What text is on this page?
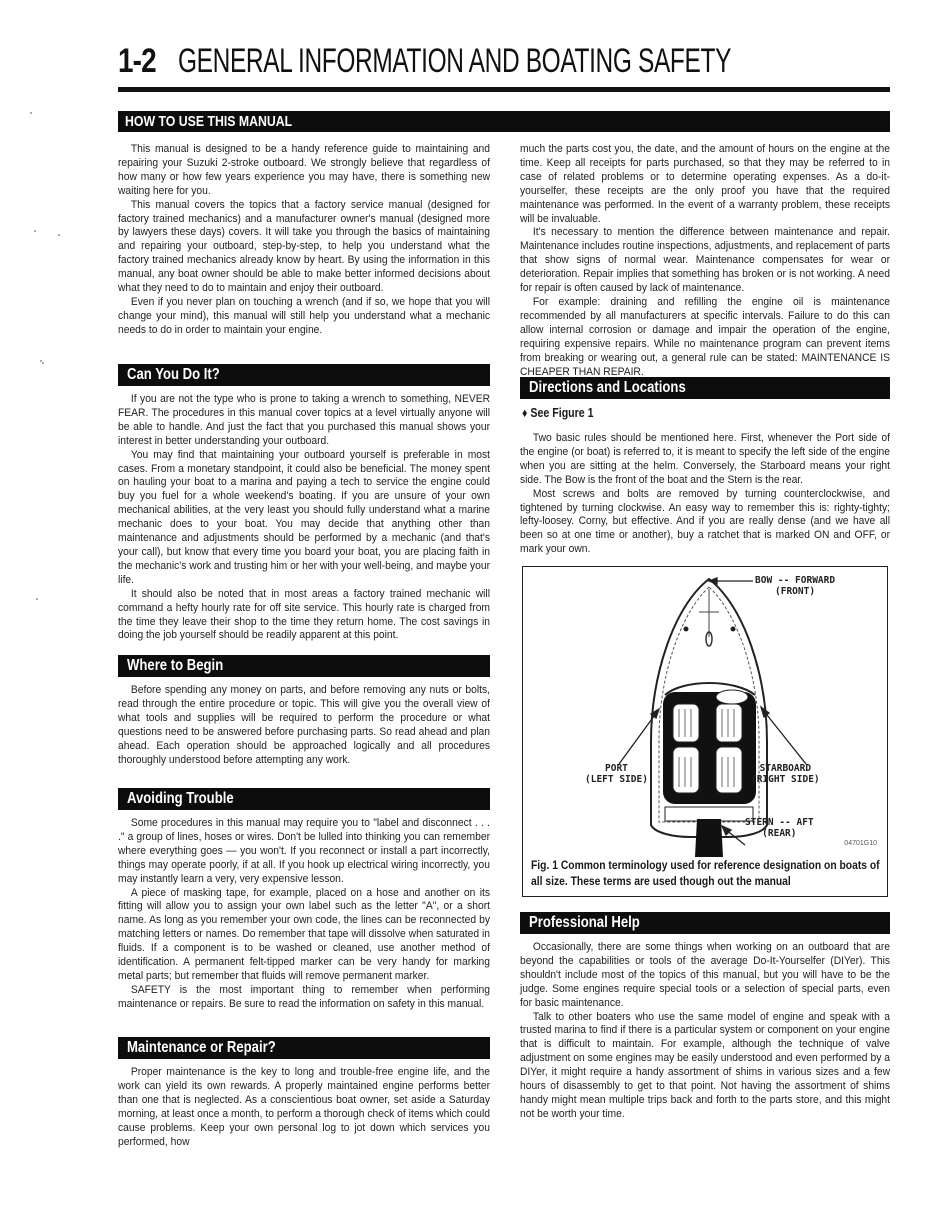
1-2 GENERAL INFORMATION AND BOATING SAFETY
HOW TO USE THIS MANUAL

This manual is designed to be a handy reference guide to maintaining and repairing your Suzuki 2-stroke outboard. We strongly believe that regardless of how many or how few years experience you may have, there is something new waiting here for you.

This manual covers the topics that a factory service manual (designed for factory trained mechanics) and a manufacturer owner's manual (designed more by lawyers these days) covers. It will take you through the basics of maintaining and repairing your outboard, step-by-step, to help you understand what the factory trained mechanics already know by heart. By using the information in this manual, any boat owner should be able to make better informed decisions about what they need to do to maintain and enjoy their outboard.

Even if you never plan on touching a wrench (and if so, we hope that you will change your mind), this manual will still help you understand what a mechanic needs to do in order to maintain your engine.

Can You Do It?

If you are not the type who is prone to taking a wrench to something, NEVER FEAR. The procedures in this manual cover topics at a level virtually anyone will be able to handle. And just the fact that you purchased this manual shows your interest in better understanding your outboard.

You may find that maintaining your outboard yourself is preferable in most cases. From a monetary standpoint, it could also be beneficial. The money spent on hauling your boat to a marina and paying a tech to service the engine could buy you fuel for a whole weekend's boating. If you are unsure of your own mechanical abilities, at the very least you should fully understand what a marine mechanic does to your boat. You may decide that anything other than maintenance and adjustments should be performed by a mechanic (and that's your call), but know that every time you board your boat, you are placing faith in the mechanic's work and trusting him or her with your well-being, and maybe your life.

It should also be noted that in most areas a factory trained mechanic will command a hefty hourly rate for off site service. This hourly rate is charged from the time they leave their shop to the time they return home. The cost savings in doing the job yourself should be readily apparent at this point.

Where to Begin

Before spending any money on parts, and before removing any nuts or bolts, read through the entire procedure or topic. This will give you the overall view of what tools and supplies will be required to perform the procedure or what questions need to be answered before purchasing parts. So read ahead and plan ahead. Each operation should be approached logically and all procedures thoroughly understood before attempting any work.

Avoiding Trouble

Some procedures in this manual may require you to "label and disconnect . . . ." a group of lines, hoses or wires. Don't be lulled into thinking you can remember where everything goes — you won't. If you reconnect or install a part incorrectly, things may operate poorly, if at all. If you hook up electrical wiring incorrectly, you may instantly learn a very, very expensive lesson.

A piece of masking tape, for example, placed on a hose and another on its fitting will allow you to assign your own label such as the letter "A", or a short name. As long as you remember your own code, the lines can be reconnected by matching letters or names. Do remember that tape will dissolve when saturated in fluids. If a component is to be washed or cleaned, use another method of identification. A permanent felt-tipped marker can be very handy for marking metal parts; but remember that fluids will remove permanent marker.

SAFETY is the most important thing to remember when performing maintenance or repairs. Be sure to read the information on safety in this manual.

Maintenance or Repair?

Proper maintenance is the key to long and trouble-free engine life, and the work can yield its own rewards. A properly maintained engine performs better than one that is neglected. As a conscientious boat owner, set aside a Saturday morning, at least once a month, to perform a thorough check of items which could cause problems. Keep your own personal log to jot down which services you performed, how

much the parts cost you, the date, and the amount of hours on the engine at the time. Keep all receipts for parts purchased, so that they may be referred to in case of related problems or to determine operating expenses. As a do-it-yourselfer, these receipts are the only proof you have that the required maintenance was performed. In the event of a warranty problem, these receipts will be invaluable.

It's necessary to mention the difference between maintenance and repair. Maintenance includes routine inspections, adjustments, and replacement of parts that show signs of normal wear. Maintenance compensates for wear or deterioration. Repair implies that something has broken or is not working. A need for repair is often caused by lack of maintenance.

For example: draining and refilling the engine oil is maintenance recommended by all manufacturers at specific intervals. Failure to do this can allow internal corrosion or damage and impair the operation of the engine, requiring expensive repairs. While no maintenance program can prevent items from breaking or wearing out, a general rule can be stated: MAINTENANCE IS CHEAPER THAN REPAIR.

Directions and Locations
♦ See Figure 1

Two basic rules should be mentioned here. First, whenever the Port side of the engine (or boat) is referred to, it is meant to specify the left side of the engine when you are sitting at the helm. Conversely, the Starboard means your right side. The Bow is the front of the boat and the Stern is the rear.

Most screws and bolts are removed by turning counterclockwise, and tightened by turning clockwise. An easy way to remember this is: righty-tighty; lefty-loosey. Corny, but effective. And if you are really dense (and we have all been so at one time or another), buy a ratchet that is marked ON and OFF, or mark your own.

BOW -- FORWARD
(FRONT)
PORT
(LEFT SIDE)
STARBOARD
(RIGHT SIDE)
STERN -- AFT
(REAR)
04701G10
Fig. 1 Common terminology used for reference designation on boats of all size. These terms are used though out the manual
Professional Help

Occasionally, there are some things when working on an outboard that are beyond the capabilities or tools of the average Do-It-Yourselfer (DIYer). This shouldn't include most of the topics of this manual, but you will have to be the judge. Some engines require special tools or a selection of special parts, even for basic maintenance.

Talk to other boaters who use the same model of engine and speak with a trusted marina to find if there is a particular system or component on your engine that is difficult to maintain. For example, although the technique of valve adjustment on some engines may be easily understood and even performed by a DIYer, it might require a handy assortment of shims in various sizes and a few hours of disassembly to get to that point. Not having the assortment of shims handy might mean multiple trips back and forth to the parts store, and this might not be worth your time.
